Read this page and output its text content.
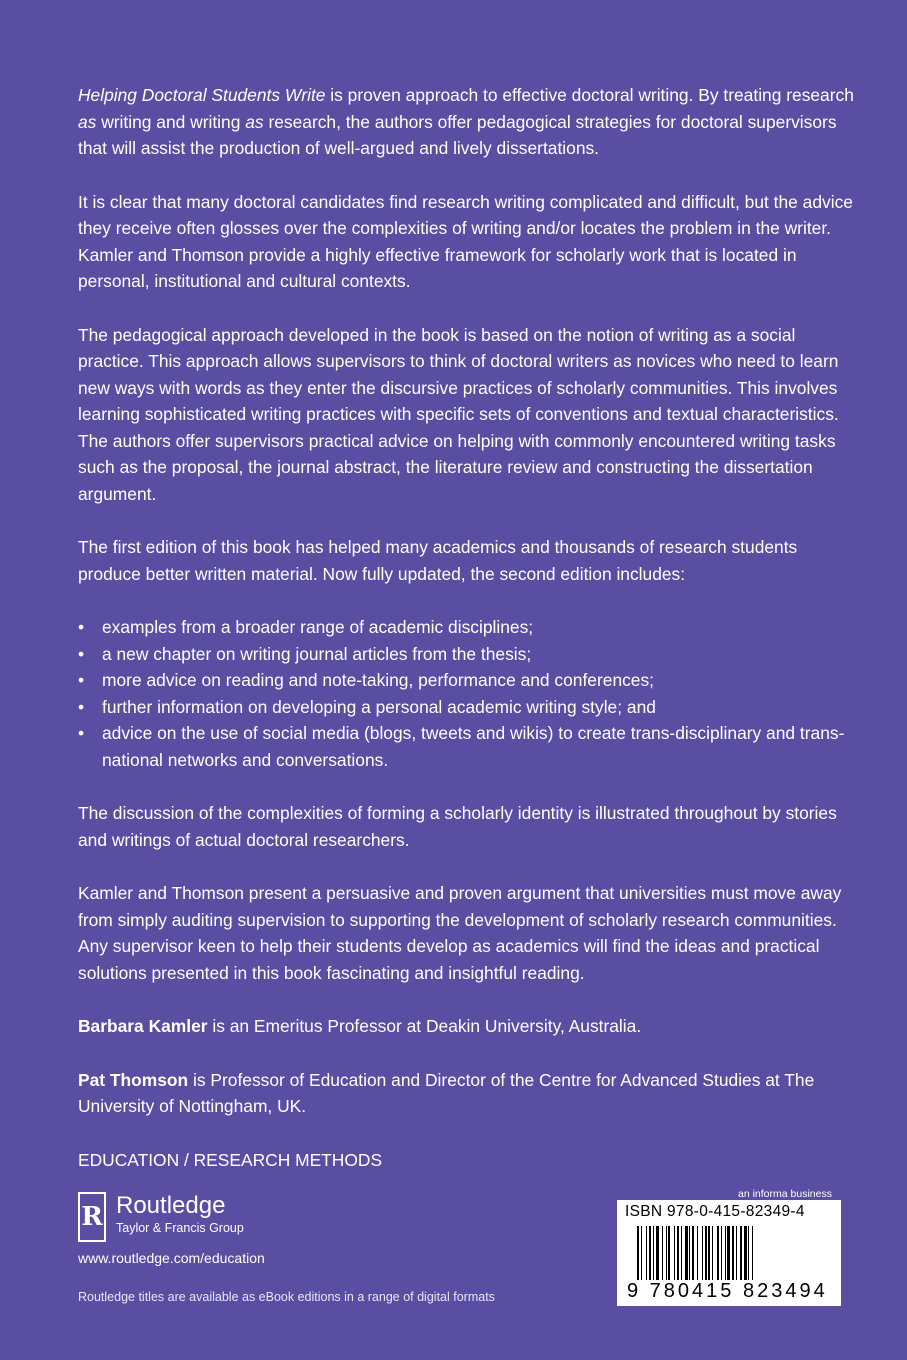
Helping Doctoral Students Write is proven approach to effective doctoral writing. By treating research as writing and writing as research, the authors offer pedagogical strategies for doctoral supervisors that will assist the production of well-argued and lively dissertations.

It is clear that many doctoral candidates find research writing complicated and difficult, but the advice they receive often glosses over the complexities of writing and/or locates the problem in the writer. Kamler and Thomson provide a highly effective framework for scholarly work that is located in personal, institutional and cultural contexts.

The pedagogical approach developed in the book is based on the notion of writing as a social practice. This approach allows supervisors to think of doctoral writers as novices who need to learn new ways with words as they enter the discursive practices of scholarly communities. This involves learning sophisticated writing practices with specific sets of conventions and textual characteristics. The authors offer supervisors practical advice on helping with commonly encountered writing tasks such as the proposal, the journal abstract, the literature review and constructing the dissertation argument.

The first edition of this book has helped many academics and thousands of research students produce better written material. Now fully updated, the second edition includes:

• examples from a broader range of academic disciplines;
• a new chapter on writing journal articles from the thesis;
• more advice on reading and note-taking, performance and conferences;
• further information on developing a personal academic writing style; and
• advice on the use of social media (blogs, tweets and wikis) to create trans-disciplinary and trans-national networks and conversations.

The discussion of the complexities of forming a scholarly identity is illustrated throughout by stories and writings of actual doctoral researchers.

Kamler and Thomson present a persuasive and proven argument that universities must move away from simply auditing supervision to supporting the development of scholarly research communities. Any supervisor keen to help their students develop as academics will find the ideas and practical solutions presented in this book fascinating and insightful reading.

Barbara Kamler is an Emeritus Professor at Deakin University, Australia.

Pat Thomson is Professor of Education and Director of the Centre for Advanced Studies at The University of Nottingham, UK.

EDUCATION / RESEARCH METHODS

R Routledge
Taylor & Francis Group
www.routledge.com/education
Routledge titles are available as eBook editions in a range of digital formats
an informa business
ISBN 978-0-415-82349-4
9 780415 823494
